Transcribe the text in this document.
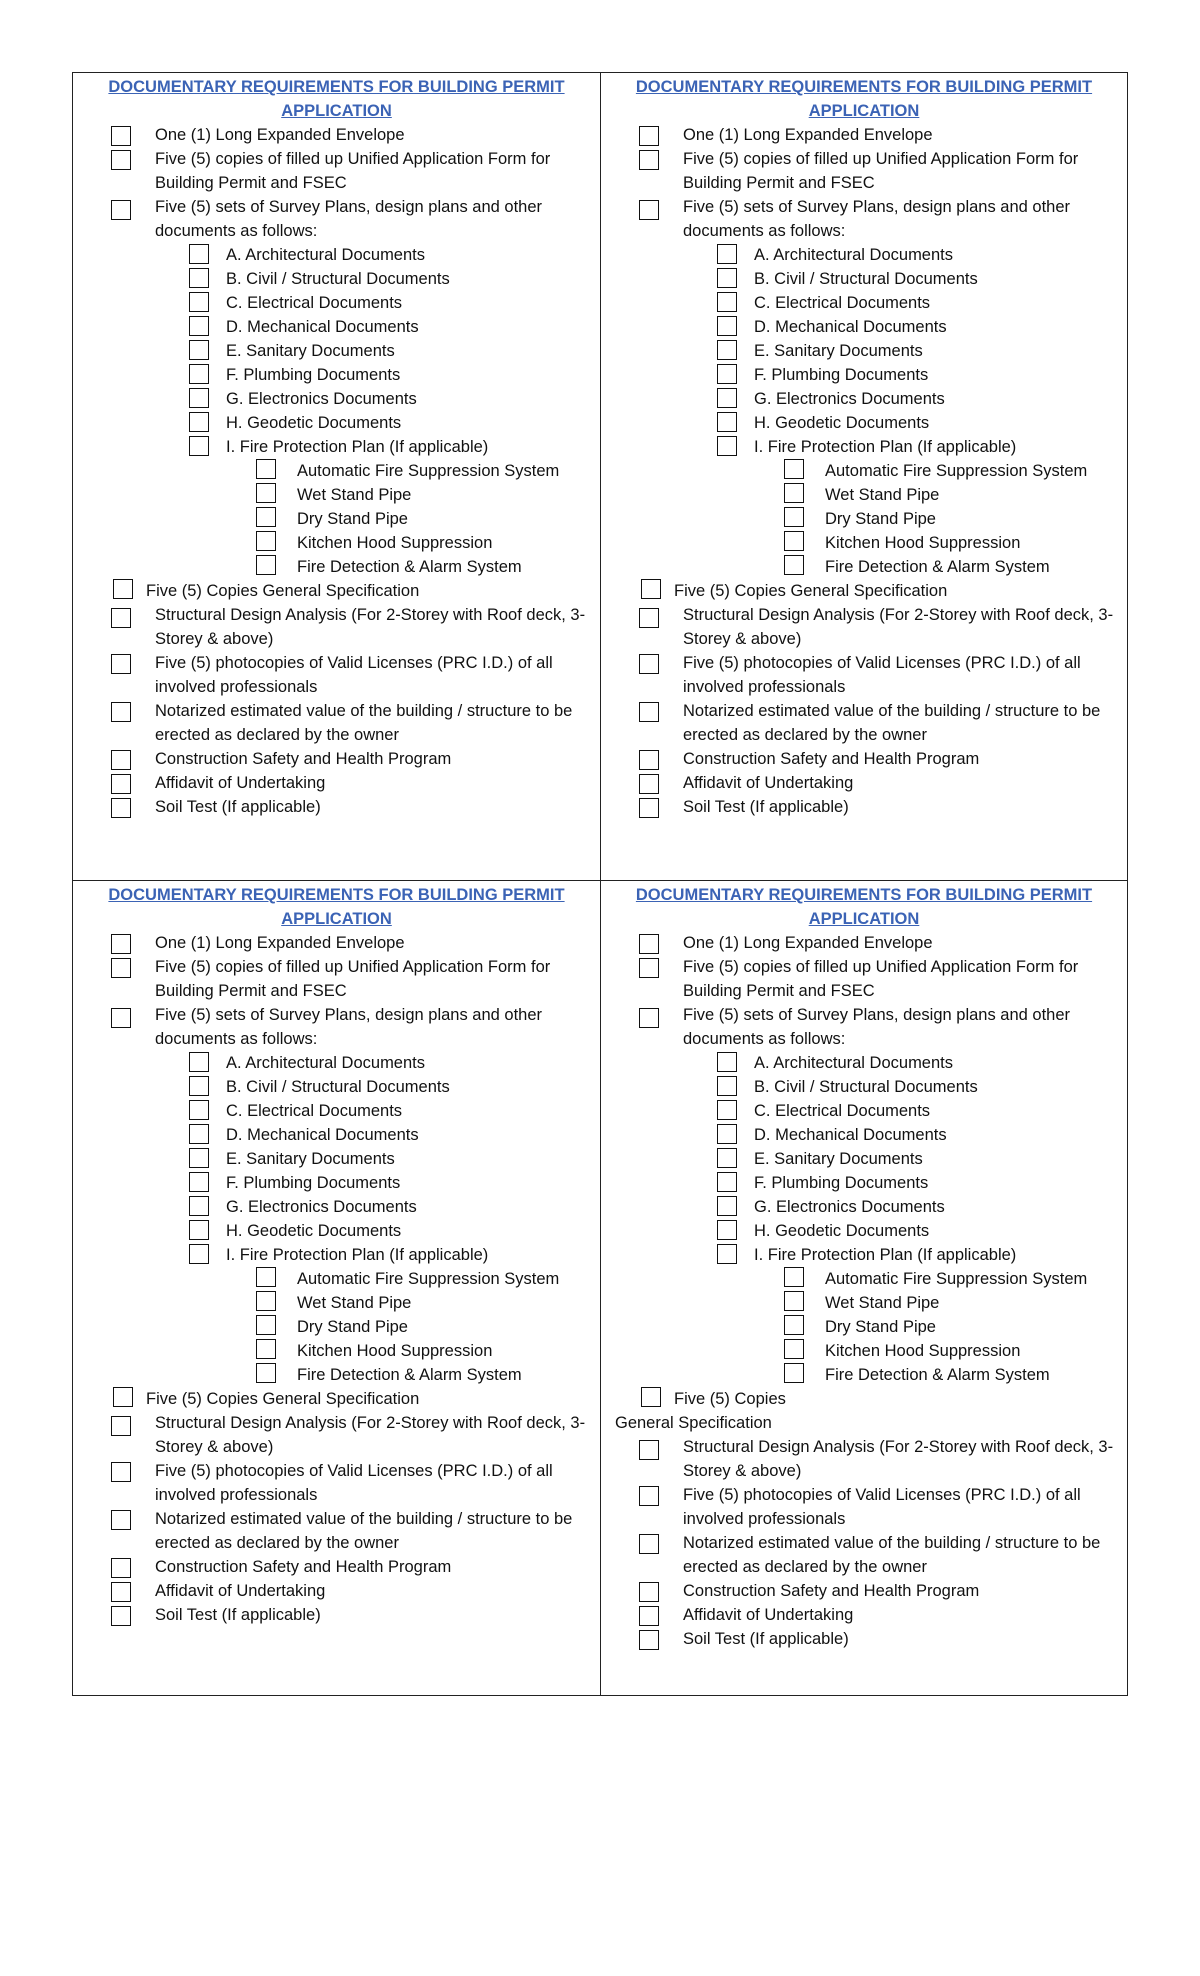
DOCUMENTARY REQUIREMENTS FOR BUILDING PERMIT APPLICATION
One (1) Long Expanded Envelope
Five (5) copies of filled up Unified Application Form for Building Permit and FSEC
Five (5) sets of Survey Plans, design plans and other documents as follows:
A. Architectural Documents
B. Civil / Structural Documents
C. Electrical Documents
D. Mechanical Documents
E. Sanitary Documents
F. Plumbing Documents
G. Electronics Documents
H. Geodetic Documents
I. Fire Protection Plan (If applicable)
Automatic Fire Suppression System
Wet Stand Pipe
Dry Stand Pipe
Kitchen Hood Suppression
Fire Detection & Alarm System
Five (5) Copies General Specification
Structural Design Analysis (For 2-Storey with Roof deck, 3-Storey & above)
Five (5) photocopies of Valid Licenses (PRC I.D.) of all involved professionals
Notarized estimated value of the building / structure to be erected as declared by the owner
Construction Safety and Health Program
Affidavit of Undertaking
Soil Test (If applicable)
DOCUMENTARY REQUIREMENTS FOR BUILDING PERMIT APPLICATION
One (1) Long Expanded Envelope
Five (5) copies of filled up Unified Application Form for Building Permit and FSEC
Five (5) sets of Survey Plans, design plans and other documents as follows:
A. Architectural Documents
B. Civil / Structural Documents
C. Electrical Documents
D. Mechanical Documents
E. Sanitary Documents
F. Plumbing Documents
G. Electronics Documents
H. Geodetic Documents
I. Fire Protection Plan (If applicable)
Automatic Fire Suppression System
Wet Stand Pipe
Dry Stand Pipe
Kitchen Hood Suppression
Fire Detection & Alarm System
Five (5) Copies General Specification
Structural Design Analysis (For 2-Storey with Roof deck, 3-Storey & above)
Five (5) photocopies of Valid Licenses (PRC I.D.) of all involved professionals
Notarized estimated value of the building / structure to be erected as declared by the owner
Construction Safety and Health Program
Affidavit of Undertaking
Soil Test (If applicable)
DOCUMENTARY REQUIREMENTS FOR BUILDING PERMIT APPLICATION
One (1) Long Expanded Envelope
Five (5) copies of filled up Unified Application Form for Building Permit and FSEC
Five (5) sets of Survey Plans, design plans and other documents as follows:
A. Architectural Documents
B. Civil / Structural Documents
C. Electrical Documents
D. Mechanical Documents
E. Sanitary Documents
F. Plumbing Documents
G. Electronics Documents
H. Geodetic Documents
I. Fire Protection Plan (If applicable)
Automatic Fire Suppression System
Wet Stand Pipe
Dry Stand Pipe
Kitchen Hood Suppression
Fire Detection & Alarm System
Five (5) Copies General Specification
Structural Design Analysis (For 2-Storey with Roof deck, 3-Storey & above)
Five (5) photocopies of Valid Licenses (PRC I.D.) of all involved professionals
Notarized estimated value of the building / structure to be erected as declared by the owner
Construction Safety and Health Program
Affidavit of Undertaking
Soil Test (If applicable)
DOCUMENTARY REQUIREMENTS FOR BUILDING PERMIT APPLICATION
One (1) Long Expanded Envelope
Five (5) copies of filled up Unified Application Form for Building Permit and FSEC
Five (5) sets of Survey Plans, design plans and other documents as follows:
A. Architectural Documents
B. Civil / Structural Documents
C. Electrical Documents
D. Mechanical Documents
E. Sanitary Documents
F. Plumbing Documents
G. Electronics Documents
H. Geodetic Documents
I. Fire Protection Plan (If applicable)
Automatic Fire Suppression System
Wet Stand Pipe
Dry Stand Pipe
Kitchen Hood Suppression
Fire Detection & Alarm System
Five (5) Copies
General Specification
Structural Design Analysis (For 2-Storey with Roof deck, 3-Storey & above)
Five (5) photocopies of Valid Licenses (PRC I.D.) of all involved professionals
Notarized estimated value of the building / structure to be erected as declared by the owner
Construction Safety and Health Program
Affidavit of Undertaking
Soil Test (If applicable)
